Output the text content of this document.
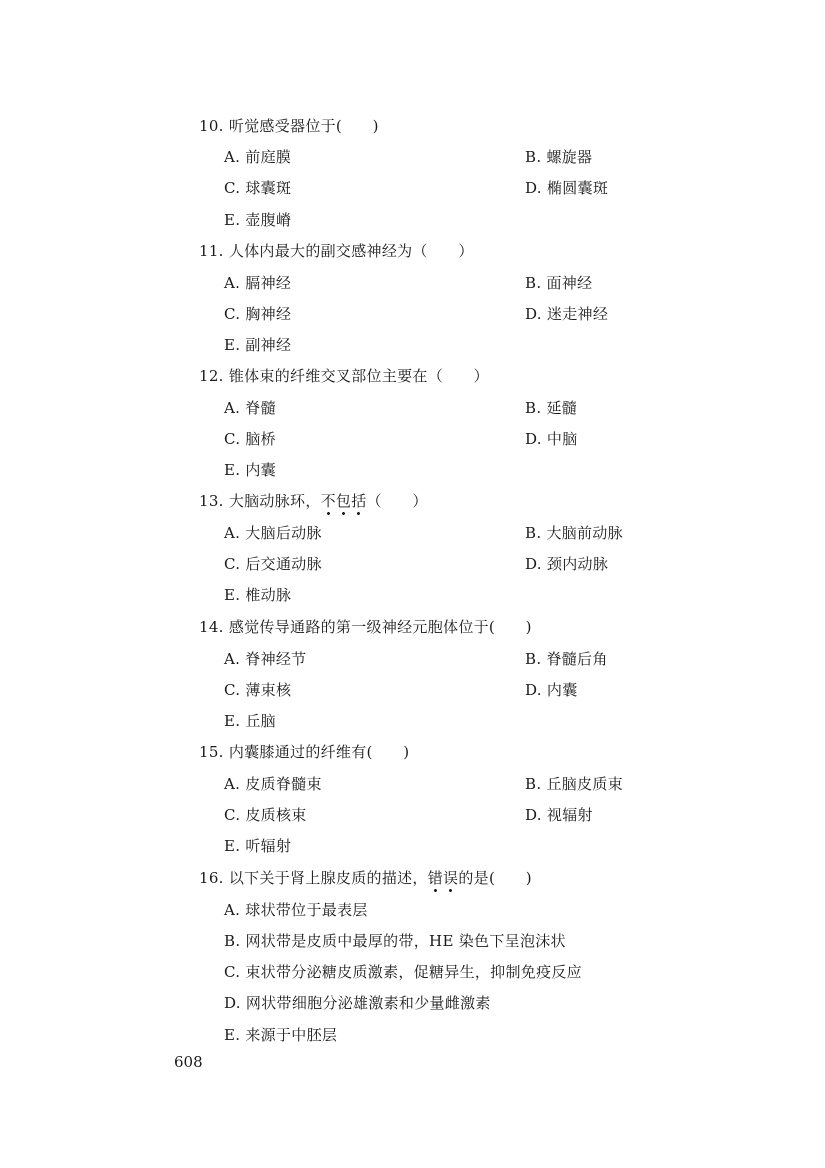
10. 听觉感受器位于(　　)
A. 前庭膜	B. 螺旋器
C. 球囊斑	D. 椭圆囊斑
E. 壶腹嵴
11. 人体内最大的副交感神经为（　　）
A. 膈神经	B. 面神经
C. 胸神经	D. 迷走神经
E. 副神经
12. 锥体束的纤维交叉部位主要在（　　）
A. 脊髓	B. 延髓
C. 脑桥	D. 中脑
E. 内囊
13. 大脑动脉环，不包括（　　）
A. 大脑后动脉	B. 大脑前动脉
C. 后交通动脉	D. 颈内动脉
E. 椎动脉
14. 感觉传导通路的第一级神经元胞体位于(　　)
A. 脊神经节	B. 脊髓后角
C. 薄束核	D. 内囊
E. 丘脑
15. 内囊膝通过的纤维有(　　)
A. 皮质脊髓束	B. 丘脑皮质束
C. 皮质核束	D. 视辐射
E. 听辐射
16. 以下关于肾上腺皮质的描述，错误的是(　　)
A. 球状带位于最表层
B. 网状带是皮质中最厚的带，HE 染色下呈泡沫状
C. 束状带分泌糖皮质激素，促糖异生，抑制免疫反应
D. 网状带细胞分泌雄激素和少量雌激素
E. 来源于中胚层
608
